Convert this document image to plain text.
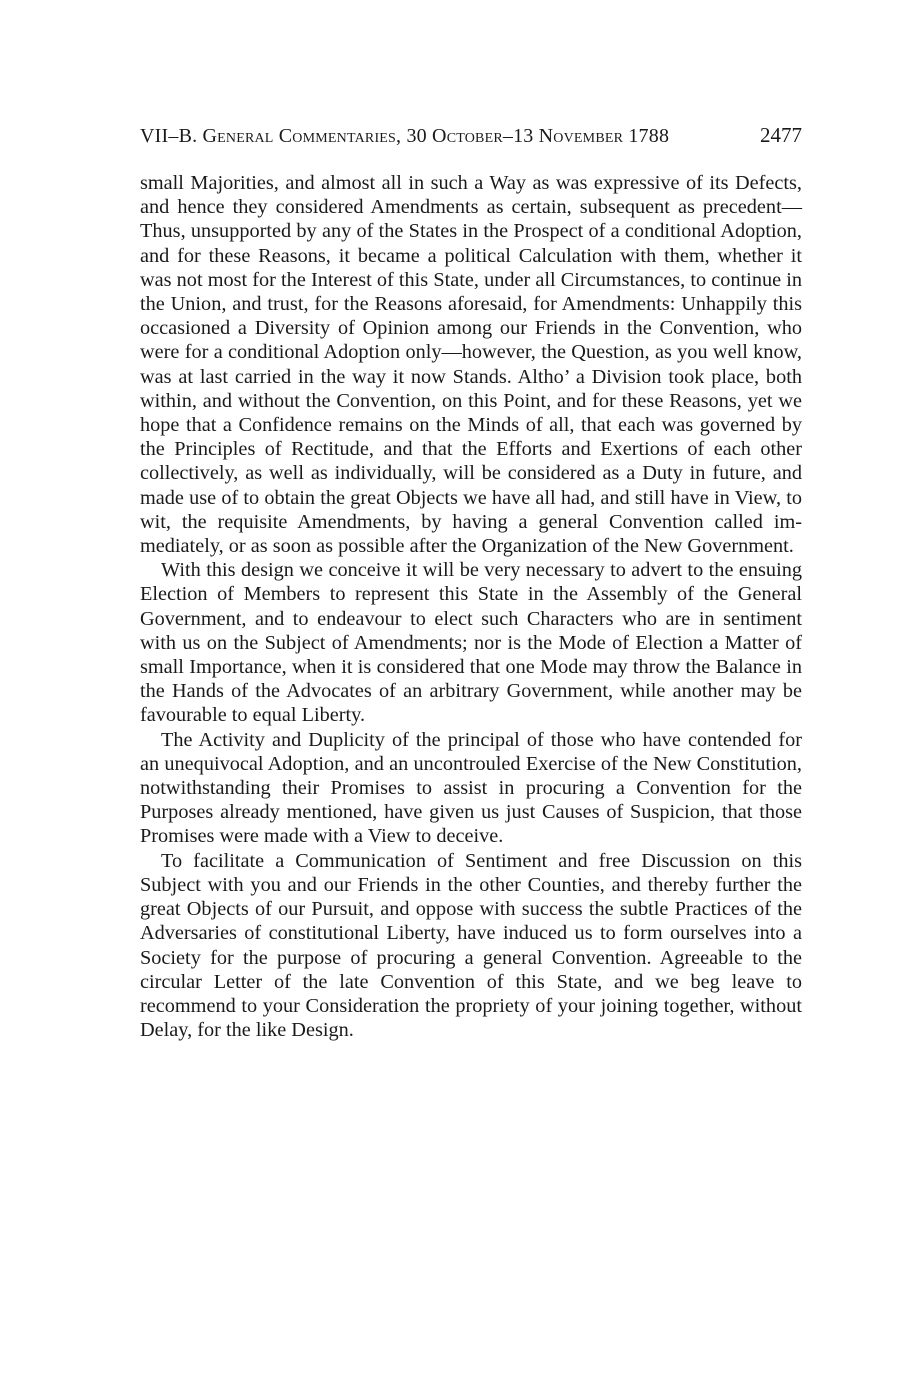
VII–B. General Commentaries, 30 October–13 November 1788	2477

small Majorities, and almost all in such a Way as was expressive of its Defects, and hence they considered Amendments as certain, subsequent as precedent—Thus, unsupported by any of the States in the Prospect of a conditional Adoption, and for these Reasons, it became a political Calculation with them, whether it was not most for the Interest of this State, under all Circumstances, to continue in the Union, and trust, for the Reasons aforesaid, for Amendments: Unhappily this occasioned a Diversity of Opinion among our Friends in the Convention, who were for a conditional Adoption only—however, the Question, as you well know, was at last carried in the way it now Stands. Altho’ a Division took place, both within, and without the Convention, on this Point, and for these Reasons, yet we hope that a Confidence remains on the Minds of all, that each was governed by the Principles of Rectitude, and that the Efforts and Exertions of each other collectively, as well as individually, will be considered as a Duty in future, and made use of to obtain the great Objects we have all had, and still have in View, to wit, the requisite Amendments, by having a general Convention called immediately, or as soon as possible after the Organization of the New Government.

With this design we conceive it will be very necessary to advert to the ensuing Election of Members to represent this State in the Assembly of the General Government, and to endeavour to elect such Characters who are in sentiment with us on the Subject of Amendments; nor is the Mode of Election a Matter of small Importance, when it is considered that one Mode may throw the Balance in the Hands of the Advocates of an arbitrary Government, while another may be favourable to equal Liberty.

The Activity and Duplicity of the principal of those who have contended for an unequivocal Adoption, and an uncontrouled Exercise of the New Constitution, notwithstanding their Promises to assist in procuring a Convention for the Purposes already mentioned, have given us just Causes of Suspicion, that those Promises were made with a View to deceive.

To facilitate a Communication of Sentiment and free Discussion on this Subject with you and our Friends in the other Counties, and thereby further the great Objects of our Pursuit, and oppose with success the subtle Practices of the Adversaries of constitutional Liberty, have induced us to form ourselves into a Society for the purpose of procuring a general Convention. Agreeable to the circular Letter of the late Convention of this State, and we beg leave to recommend to your Consideration the propriety of your joining together, without Delay, for the like Design.
